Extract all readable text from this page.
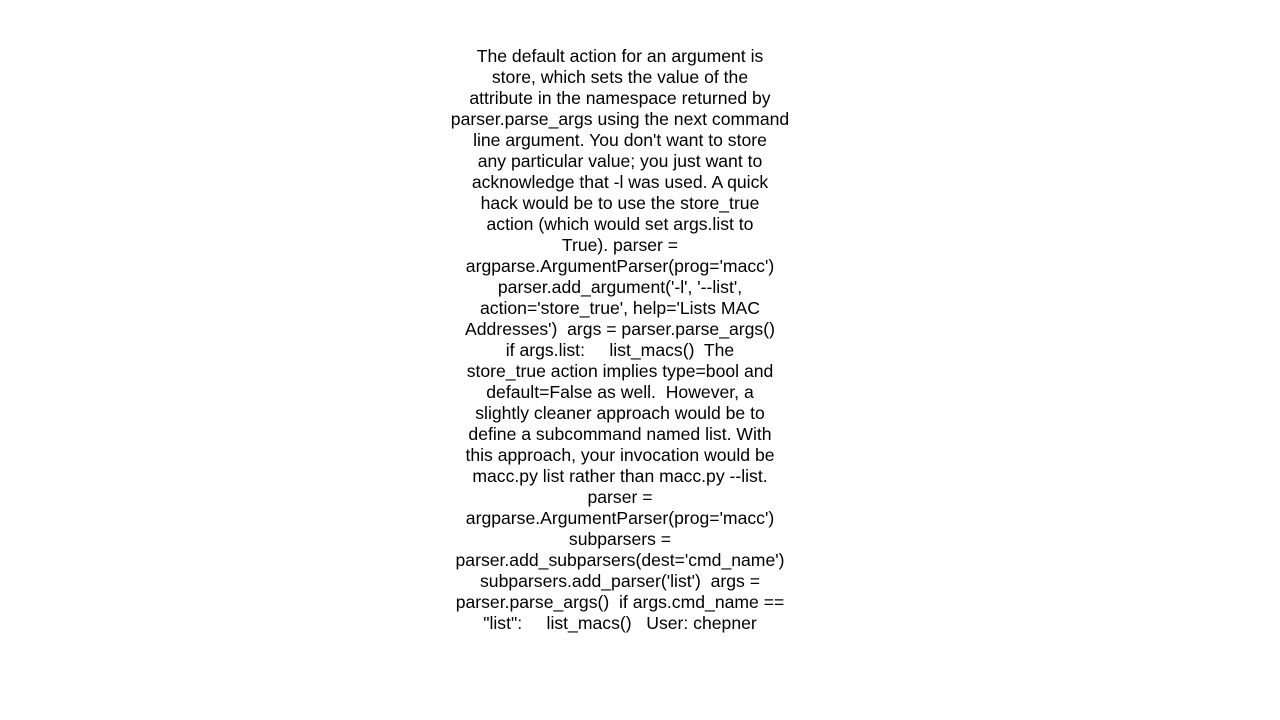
The default action for an argument is
store, which sets the value of the
attribute in the namespace returned by
parser.parse_args using the next command
line argument. You don't want to store
any particular value; you just want to
acknowledge that -l was used. A quick
hack would be to use the store_true
action (which would set args.list to
True). parser =
argparse.ArgumentParser(prog='macc')
parser.add_argument('-l', '--list',
action='store_true', help='Lists MAC
Addresses')  args = parser.parse_args()
if args.list:     list_macs()  The
store_true action implies type=bool and
default=False as well.  However, a
slightly cleaner approach would be to
define a subcommand named list. With
this approach, your invocation would be
macc.py list rather than macc.py --list.
parser =
argparse.ArgumentParser(prog='macc')
subparsers =
parser.add_subparsers(dest='cmd_name')
subparsers.add_parser('list')  args =
parser.parse_args()  if args.cmd_name ==
"list":     list_macs()   User: chepner
